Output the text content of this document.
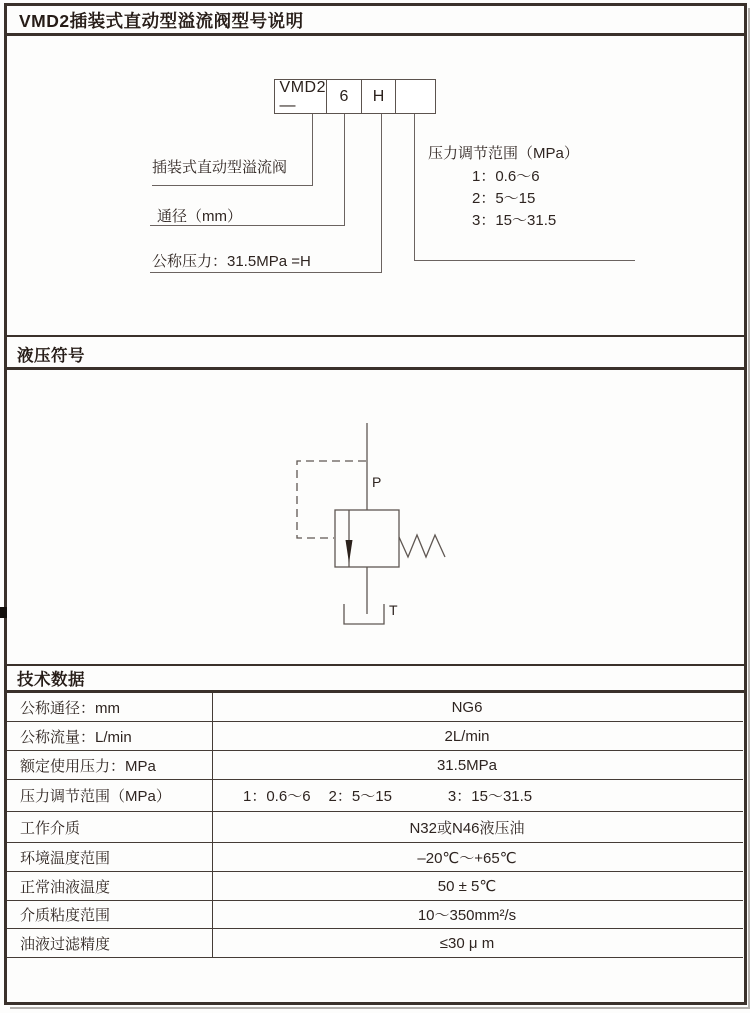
VMD2插装式直动型溢流阀型号说明
VMD2—
6	H
插装式直动型溢流阀
通径（mm）
公称压力：31.5MPa =H
压力调节范围（MPa）
1：0.6～6
2：5～15
3：15～31.5
液压符号
P
T
技术数据
公称通径：mm	NG6
公称流量：L/min	2L/min
额定使用压力：MPa	31.5MPa
压力调节范围（MPa）	1：0.6～6 2：5～15	3：15～31.5
工作介质	N32或N46液压油
环境温度范围	–20℃～+65℃
正常油液温度	50 ± 5℃
介质粘度范围	10～350mm²/s
油液过滤精度	≤30 μ m
